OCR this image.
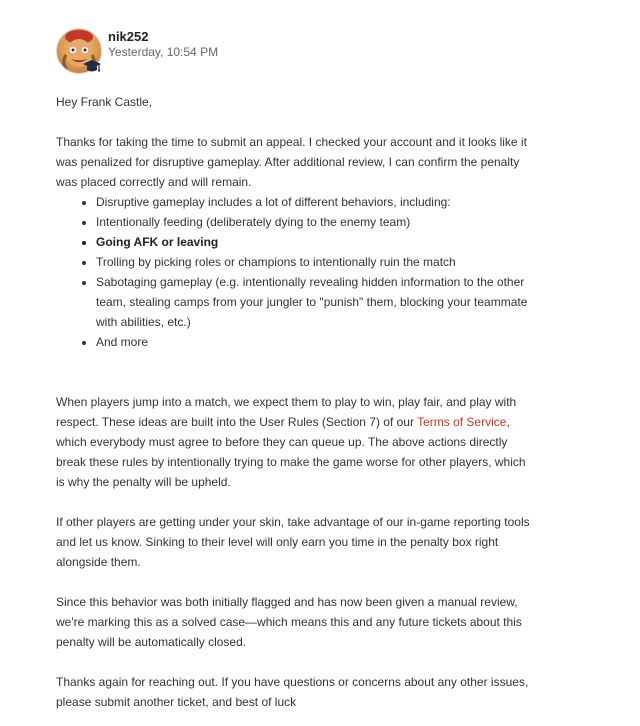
nik252
Yesterday, 10:54 PM

Hey Frank Castle,

Thanks for taking the time to submit an appeal. I checked your account and it looks like it was penalized for disruptive gameplay. After additional review, I can confirm the penalty was placed correctly and will remain.

• Disruptive gameplay includes a lot of different behaviors, including:
• Intentionally feeding (deliberately dying to the enemy team)
• Going AFK or leaving
• Trolling by picking roles or champions to intentionally ruin the match
• Sabotaging gameplay (e.g. intentionally revealing hidden information to the other team, stealing camps from your jungler to "punish" them, blocking your teammate with abilities, etc.)
• And more

When players jump into a match, we expect them to play to win, play fair, and play with respect. These ideas are built into the User Rules (Section 7) of our Terms of Service, which everybody must agree to before they can queue up. The above actions directly break these rules by intentionally trying to make the game worse for other players, which is why the penalty will be upheld.

If other players are getting under your skin, take advantage of our in-game reporting tools and let us know. Sinking to their level will only earn you time in the penalty box right alongside them.

Since this behavior was both initially flagged and has now been given a manual review, we're marking this as a solved case—which means this and any future tickets about this penalty will be automatically closed.

Thanks again for reaching out. If you have questions or concerns about any other issues, please submit another ticket, and best of luck
